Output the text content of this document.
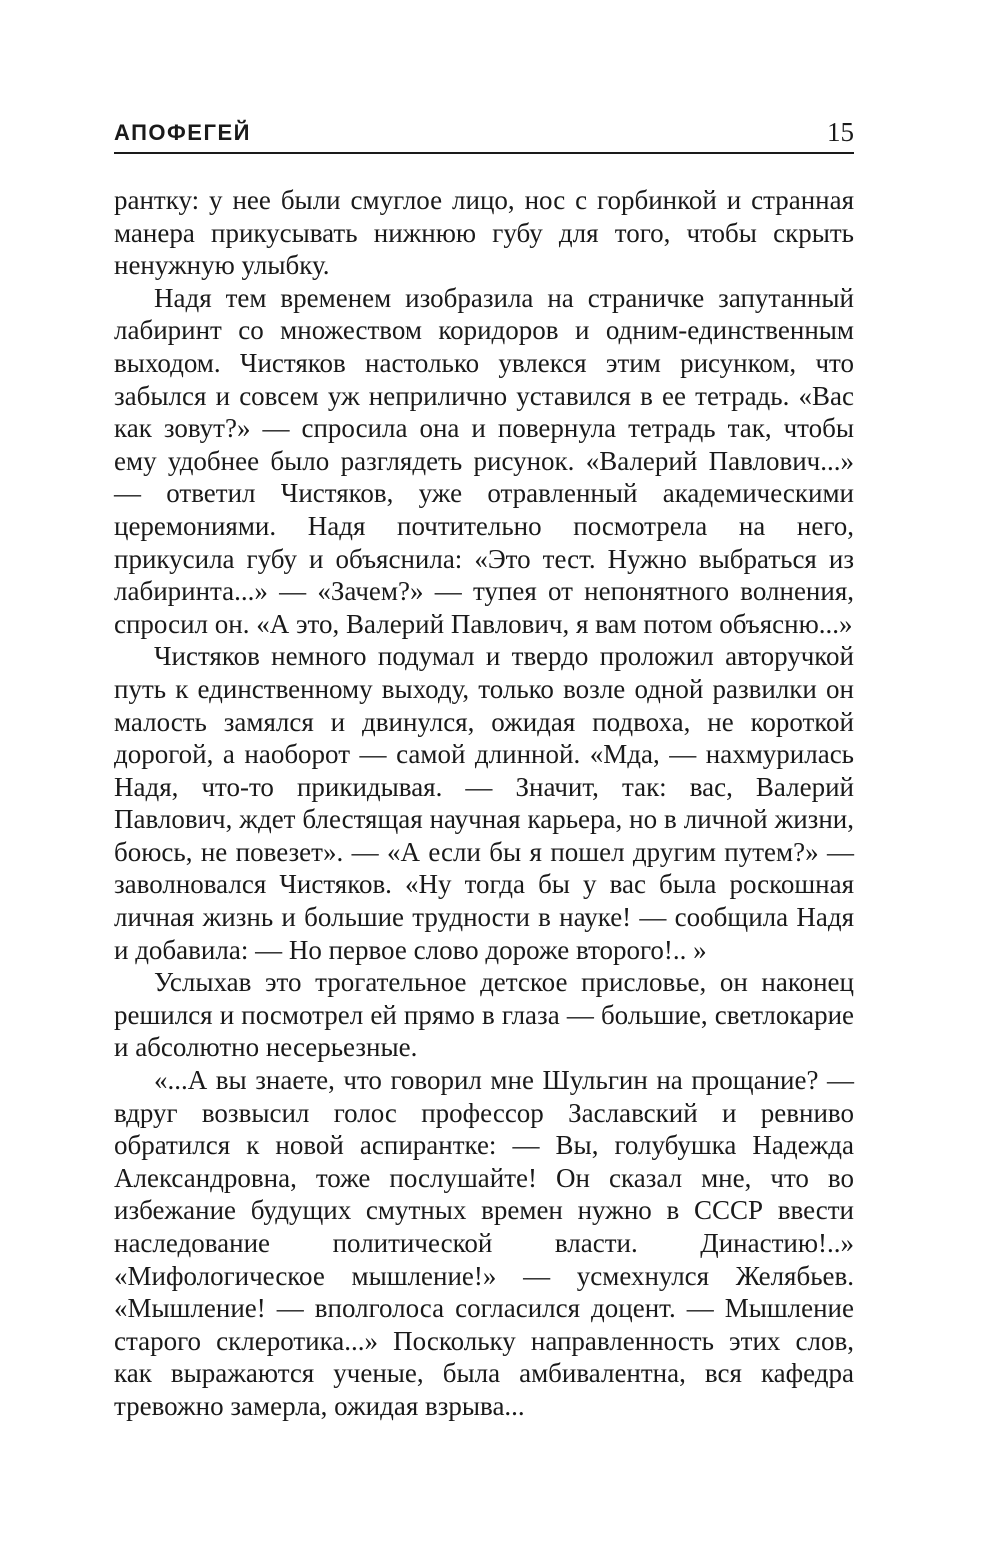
АПОФЕГЕЙ	15

рантку: у нее были смуглое лицо, нос с горбинкой и странная манера прикусывать нижнюю губу для того, чтобы скрыть ненужную улыбку.

Надя тем временем изобразила на страничке запутанный лабиринт со множеством коридоров и одним-единственным выходом. Чистяков настолько увлекся этим рисунком, что забылся и совсем уж неприлично уставился в ее тетрадь. «Вас как зовут?» — спросила она и повернула тетрадь так, чтобы ему удобнее было разглядеть рисунок. «Валерий Павлович...» — ответил Чистяков, уже отравленный академическими церемониями. Надя почтительно посмотрела на него, прикусила губу и объяснила: «Это тест. Нужно выбраться из лабиринта...» — «Зачем?» — тупея от непонятного волнения, спросил он. «А это, Валерий Павлович, я вам потом объясню...»

Чистяков немного подумал и твердо проложил авторучкой путь к единственному выходу, только возле одной развилки он малость замялся и двинулся, ожидая подвоха, не короткой дорогой, а наоборот — самой длинной. «Мда, — нахмурилась Надя, что-то прикидывая. — Значит, так: вас, Валерий Павлович, ждет блестящая научная карьера, но в личной жизни, боюсь, не повезет». — «А если бы я пошел другим путем?» — заволновался Чистяков. «Ну тогда бы у вас была роскошная личная жизнь и большие трудности в науке! — сообщила Надя и добавила: — Но первое слово дороже второго!.. »

Услыхав это трогательное детское присловье, он наконец решился и посмотрел ей прямо в глаза — большие, светлокарие и абсолютно несерьезные.

«...А вы знаете, что говорил мне Шульгин на прощание? — вдруг возвысил голос профессор Заславский и ревниво обратился к новой аспирантке: — Вы, голубушка Надежда Александровна, тоже послушайте! Он сказал мне, что во избежание будущих смутных времен нужно в СССР ввести наследование политической власти. Династию!..» «Мифологическое мышление!» — усмехнулся Желябьев. «Мышление! — вполголоса согласился доцент. — Мышление старого склеротика...» Поскольку направленность этих слов, как выражаются ученые, была амбивалентна, вся кафедра тревожно замерла, ожидая взрыва...
